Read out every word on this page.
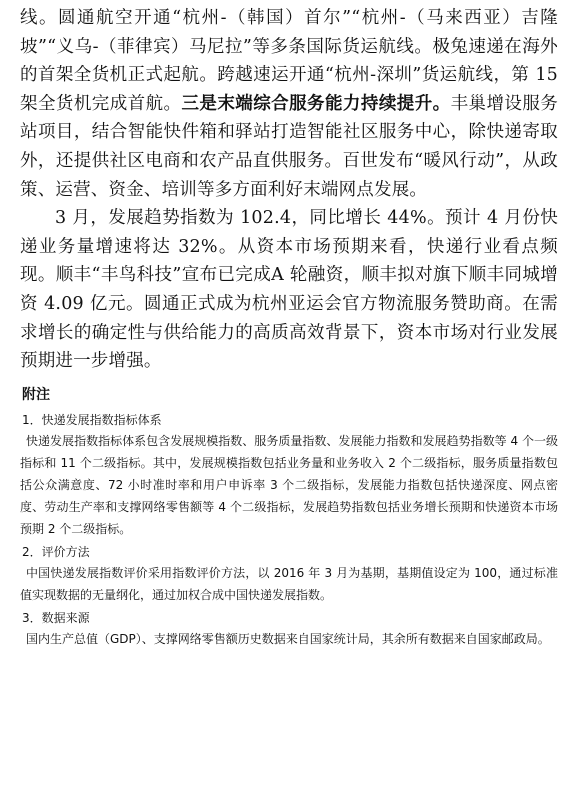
线。圆通航空开通“杭州-（韩国）首尔”“杭州-（马来西亚）吉隆坡”“义乌-（菲律宾）马尼拉”等多条国际货运航线。极兔速递在海外的首架全货机正式起航。跨越速运开通“杭州-深圳”货运航线，第 15 架全货机完成首航。三是末端综合服务能力持续提升。丰巢增设服务站项目，结合智能快件箱和驿站打造智能社区服务中心，除快递寄取外，还提供社区电商和农产品直供服务。百世发布“暖风行动”，从政策、运营、资金、培训等多方面利好末端网点发展。

3 月，发展趋势指数为 102.4，同比增长 44%。预计 4 月份快递业务量增速将达 32%。从资本市场预期来看，快递行业看点频现。顺丰“丰鸟科技”宣布已完成A 轮融资，顺丰拟对旗下顺丰同城增资 4.09 亿元。圆通正式成为杭州亚运会官方物流服务赞助商。在需求增长的确定性与供给能力的高质高效背景下，资本市场对行业发展预期进一步增强。

附注
1．快递发展指数指标体系

快递发展指数指标体系包含发展规模指数、服务质量指数、发展能力指数和发展趋势指数等 4 个一级指标和 11 个二级指标。其中，发展规模指数包括业务量和业务收入 2 个二级指标，服务质量指数包括公众满意度、72 小时准时率和用户申诉率 3 个二级指标，发展能力指数包括快递深度、网点密度、劳动生产率和支撑网络零售额等 4 个二级指标，发展趋势指数包括业务增长预期和快递资本市场预期 2 个二级指标。

2．评价方法

中国快递发展指数评价采用指数评价方法，以 2016 年 3 月为基期，基期值设定为 100，通过标准值实现数据的无量纲化，通过加权合成中国快递发展指数。

3．数据来源

国内生产总值（GDP）、支撑网络零售额历史数据来自国家统计局，其余所有数据来自国家邮政局。
